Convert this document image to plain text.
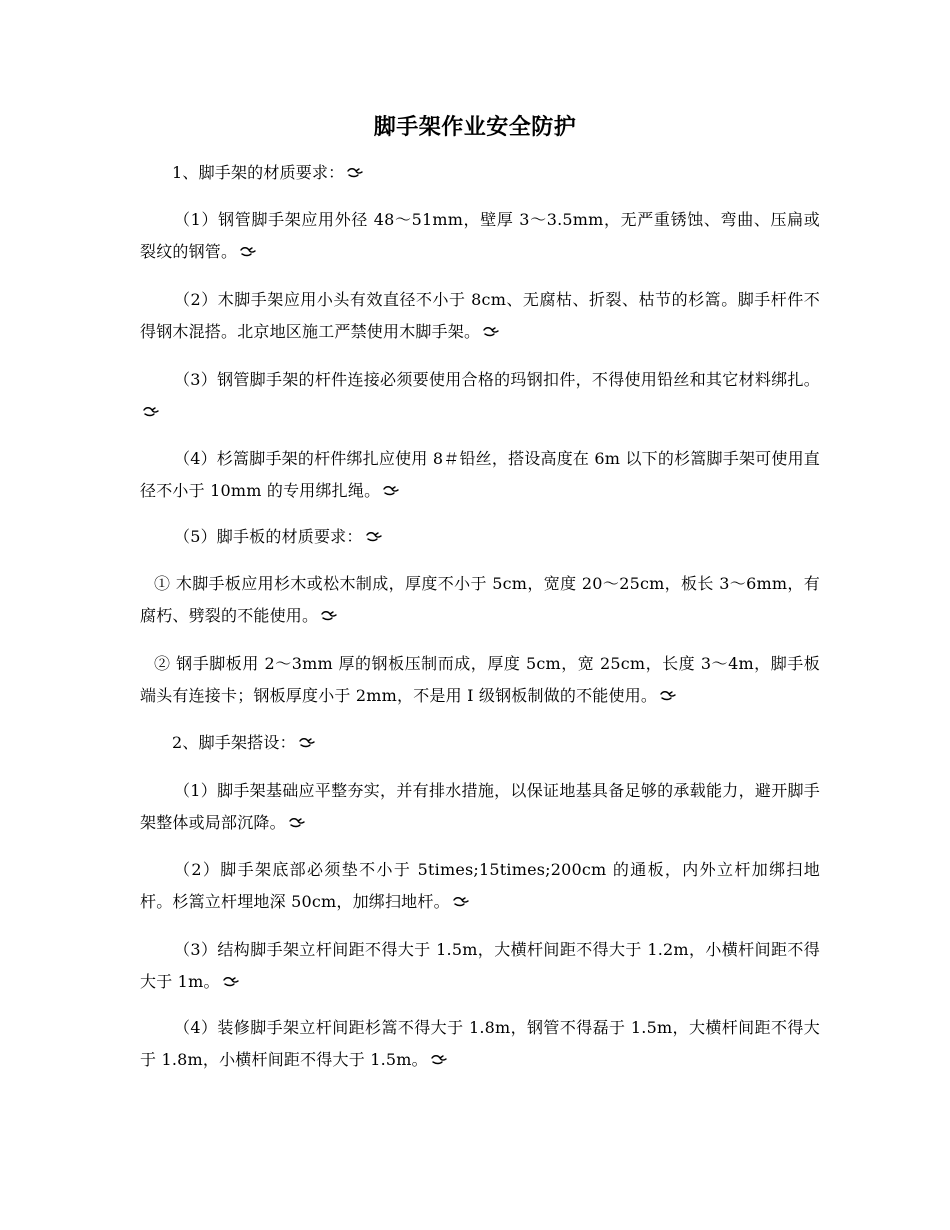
脚手架作业安全防护
1、脚手架的材质要求：
（1）钢管脚手架应用外径 48～51mm，壁厚 3～3.5mm，无严重锈蚀、弯曲、压扁或裂纹的钢管。
（2）木脚手架应用小头有效直径不小于 8cm、无腐枯、折裂、枯节的杉篙。脚手杆件不得钢木混搭。北京地区施工严禁使用木脚手架。
（3）钢管脚手架的杆件连接必须要使用合格的玛钢扣件，不得使用铅丝和其它材料绑扎。
（4）杉篙脚手架的杆件绑扎应使用 8＃铅丝，搭设高度在 6m 以下的杉篙脚手架可使用直径不小于 10mm 的专用绑扎绳。
（5）脚手板的材质要求：
① 木脚手板应用杉木或松木制成，厚度不小于 5cm，宽度 20～25cm，板长 3～6mm，有腐朽、劈裂的不能使用。
② 钢手脚板用 2～3mm 厚的钢板压制而成，厚度 5cm，宽 25cm，长度 3～4m，脚手板端头有连接卡；钢板厚度小于 2mm，不是用 I 级钢板制做的不能使用。
2、脚手架搭设：
（1）脚手架基础应平整夯实，并有排水措施，以保证地基具备足够的承载能力，避开脚手架整体或局部沉降。
（2）脚手架底部必须垫不小于 5times;15times;200cm 的通板，内外立杆加绑扫地杆。杉篙立杆埋地深 50cm，加绑扫地杆。
（3）结构脚手架立杆间距不得大于 1.5m，大横杆间距不得大于 1.2m，小横杆间距不得大于 1m。
（4）装修脚手架立杆间距杉篙不得大于 1.8m，钢管不得磊于 1.5m，大横杆间距不得大于 1.8m，小横杆间距不得大于 1.5m。
